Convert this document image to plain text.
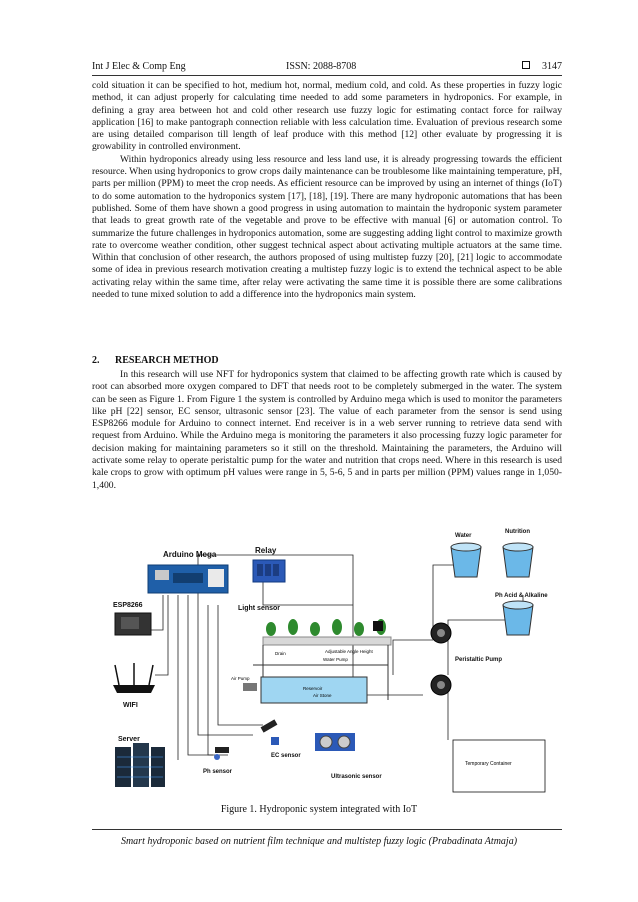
Int J Elec & Comp Eng	ISSN: 2088-8708	3147

cold situation it can be specified to hot, medium hot, normal, medium cold, and cold. As these properties in fuzzy logic method, it can adjust properly for calculating time needed to add some parameters in hydroponics. For example, in defining a gray area between hot and cold other research use fuzzy logic for estimating contact force for railway application [16] to make pantograph connection reliable with less calculation time. Evaluation of previous research some are using detailed comparison till length of leaf produce with this method [12] other evaluate by progressing it is growability in controlled environment.

Within hydroponics already using less resource and less land use, it is already progressing towards the efficient resource. When using hydroponics to grow crops daily maintenance can be troublesome like maintaining temperature, pH, parts per million (PPM) to meet the crop needs. As efficient resource can be improved by using an internet of things (IoT) to do some automation to the hydroponics system [17], [18], [19]. There are many hydroponic automations that has been published. Some of them have shown a good progress in using automation to maintain the hydroponic system parameter that leads to great growth rate of the vegetable and prove to be effective with manual [6] or automation control. To summarize the future challenges in hydroponics automation, some are suggesting adding light control to maximize growth rate to overcome weather condition, other suggest technical aspect about activating multiple actuators at the same time. Within that conclusion of other research, the authors proposed of using multistep fuzzy [20], [21] logic to accommodate some of idea in previous research motivation creating a multistep fuzzy logic is to extend the technical aspect to be able activating relay within the same time, after relay were activating the same time it is possible there are some calibrations needed to tune mixed solution to add a difference into the hydroponics main system.

2. RESEARCH METHOD

In this research will use NFT for hydroponics system that claimed to be affecting growth rate which is caused by root can absorbed more oxygen compared to DFT that needs root to be completely submerged in the water. The system can be seen as Figure 1. From Figure 1 the system is controlled by Arduino mega which is used to monitor the parameters like pH [22] sensor, EC sensor, ultrasonic sensor [23]. The value of each parameter from the sensor is send using ESP8266 module for Arduino to connect internet. End receiver is in a web server running to retrieve data send with request from Arduino. While the Arduino mega is monitoring the parameters it also processing fuzzy logic parameter for decision making for maintaining parameters so it still on the threshold. Maintaining the parameters, the Arduino will activate some relay to operate peristaltic pump for the water and nutrition that crops need. Where in this research is used kale crops to grow with optimum pH values were range in 5, 5-6, 5 and in parts per million (PPM) values range in 1,050-1,400.

Arduino Mega	Relay
ESP8266
WIFI
Server
Light sensor
Drain	Adjustable Angle Height
Water Pump
Air Pump
Reservoir
Air Stone
Water
Nutrition
Ph Acid & Alkaline
Peristaltic Pump
Temporary Container
Ph sensor
EC sensor
Ultrasonic sensor
Figure 1. Hydroponic system integrated with IoT
Smart hydroponic based on nutrient film technique and multistep fuzzy logic (Prabadinata Atmaja)
